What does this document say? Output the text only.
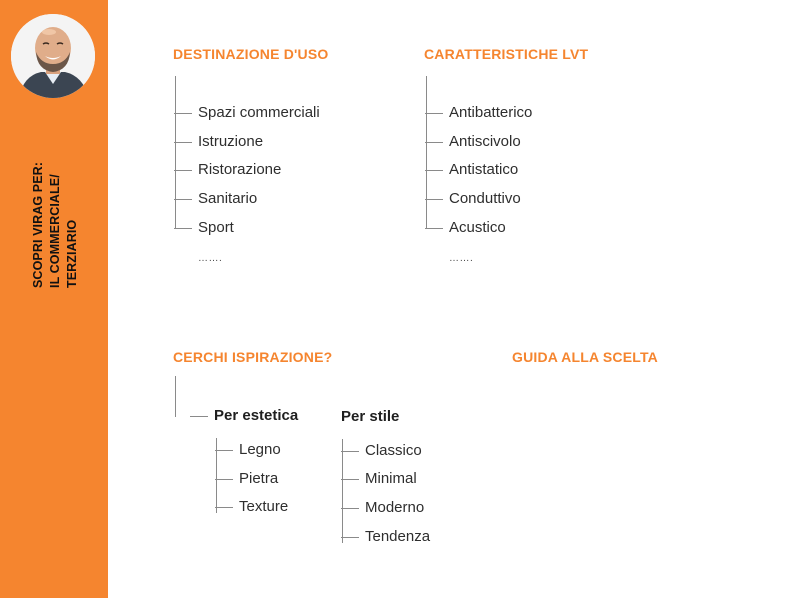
SCOPRI VIRAG PER: IL COMMERCIALE/ TERZIARIO
DESTINAZIONE D'USO
Spazi commerciali
Istruzione
Ristorazione
Sanitario
Sport
…….
CARATTERISTICHE LVT
Antibatterico
Antiscivolo
Antistatico
Conduttivo
Acustico
…….
CERCHI ISPIRAZIONE?
Per estetica
Legno
Pietra
Texture
Per stile
Classico
Minimal
Moderno
Tendenza
GUIDA ALLA SCELTA
